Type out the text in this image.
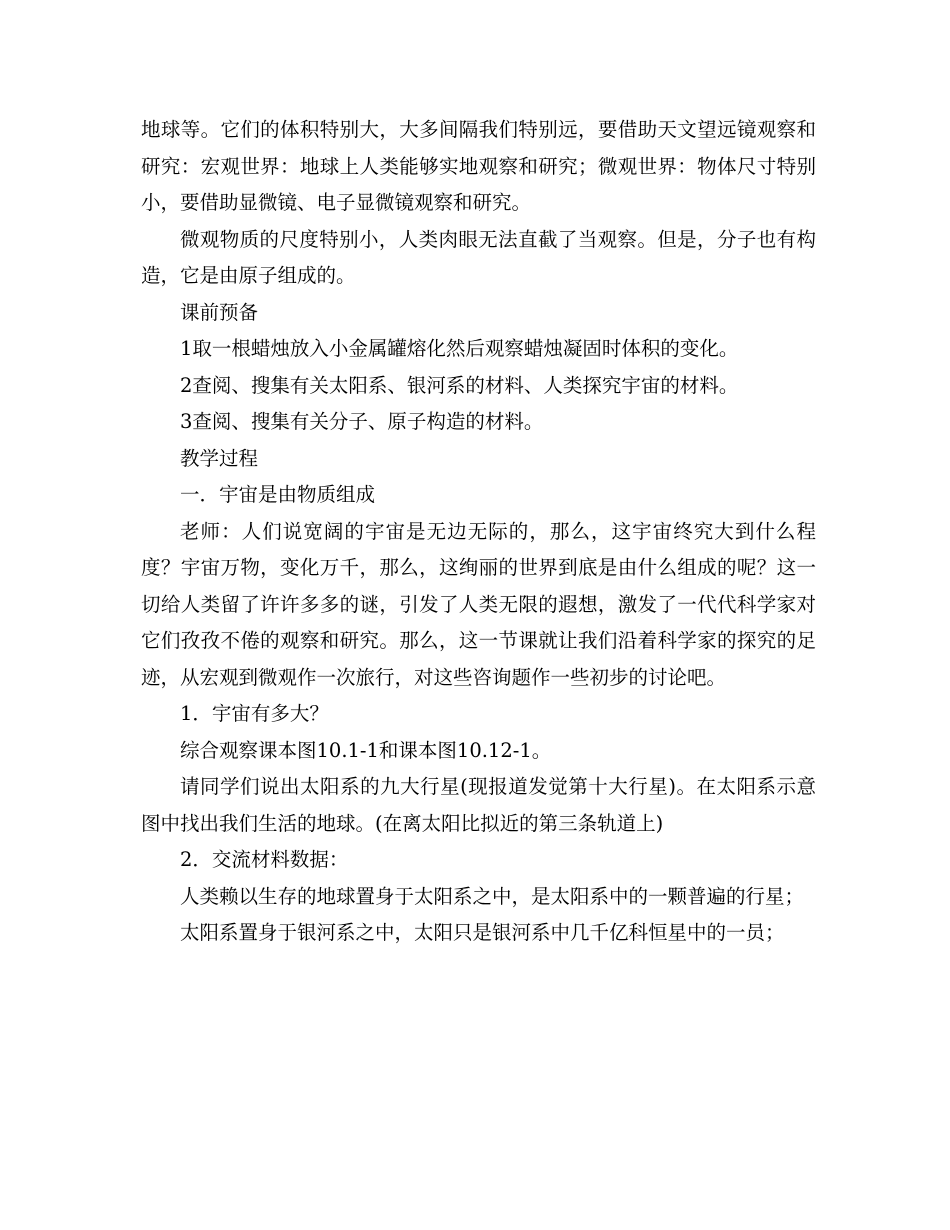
地球等。它们的体积特别大，大多间隔我们特别远，要借助天文望远镜观察和研究：宏观世界：地球上人类能够实地观察和研究；微观世界：物体尺寸特别小，要借助显微镜、电子显微镜观察和研究。

微观物质的尺度特别小，人类肉眼无法直截了当观察。但是，分子也有构造，它是由原子组成的。

课前预备

1取一根蜡烛放入小金属罐熔化然后观察蜡烛凝固时体积的变化。

2查阅、搜集有关太阳系、银河系的材料、人类探究宇宙的材料。

3查阅、搜集有关分子、原子构造的材料。

教学过程

一．宇宙是由物质组成

老师：人们说宽阔的宇宙是无边无际的，那么，这宇宙终究大到什么程度？宇宙万物，变化万千，那么，这绚丽的世界到底是由什么组成的呢？这一切给人类留了许许多多的谜，引发了人类无限的遐想，激发了一代代科学家对它们孜孜不倦的观察和研究。那么，这一节课就让我们沿着科学家的探究的足迹，从宏观到微观作一次旅行，对这些咨询题作一些初步的讨论吧。

1．宇宙有多大？

综合观察课本图10.1-1和课本图10.12-1。

请同学们说出太阳系的九大行星(现报道发觉第十大行星)。在太阳系示意图中找出我们生活的地球。(在离太阳比拟近的第三条轨道上)

2．交流材料数据：

人类赖以生存的地球置身于太阳系之中，是太阳系中的一颗普遍的行星；

太阳系置身于银河系之中，太阳只是银河系中几千亿科恒星中的一员；
